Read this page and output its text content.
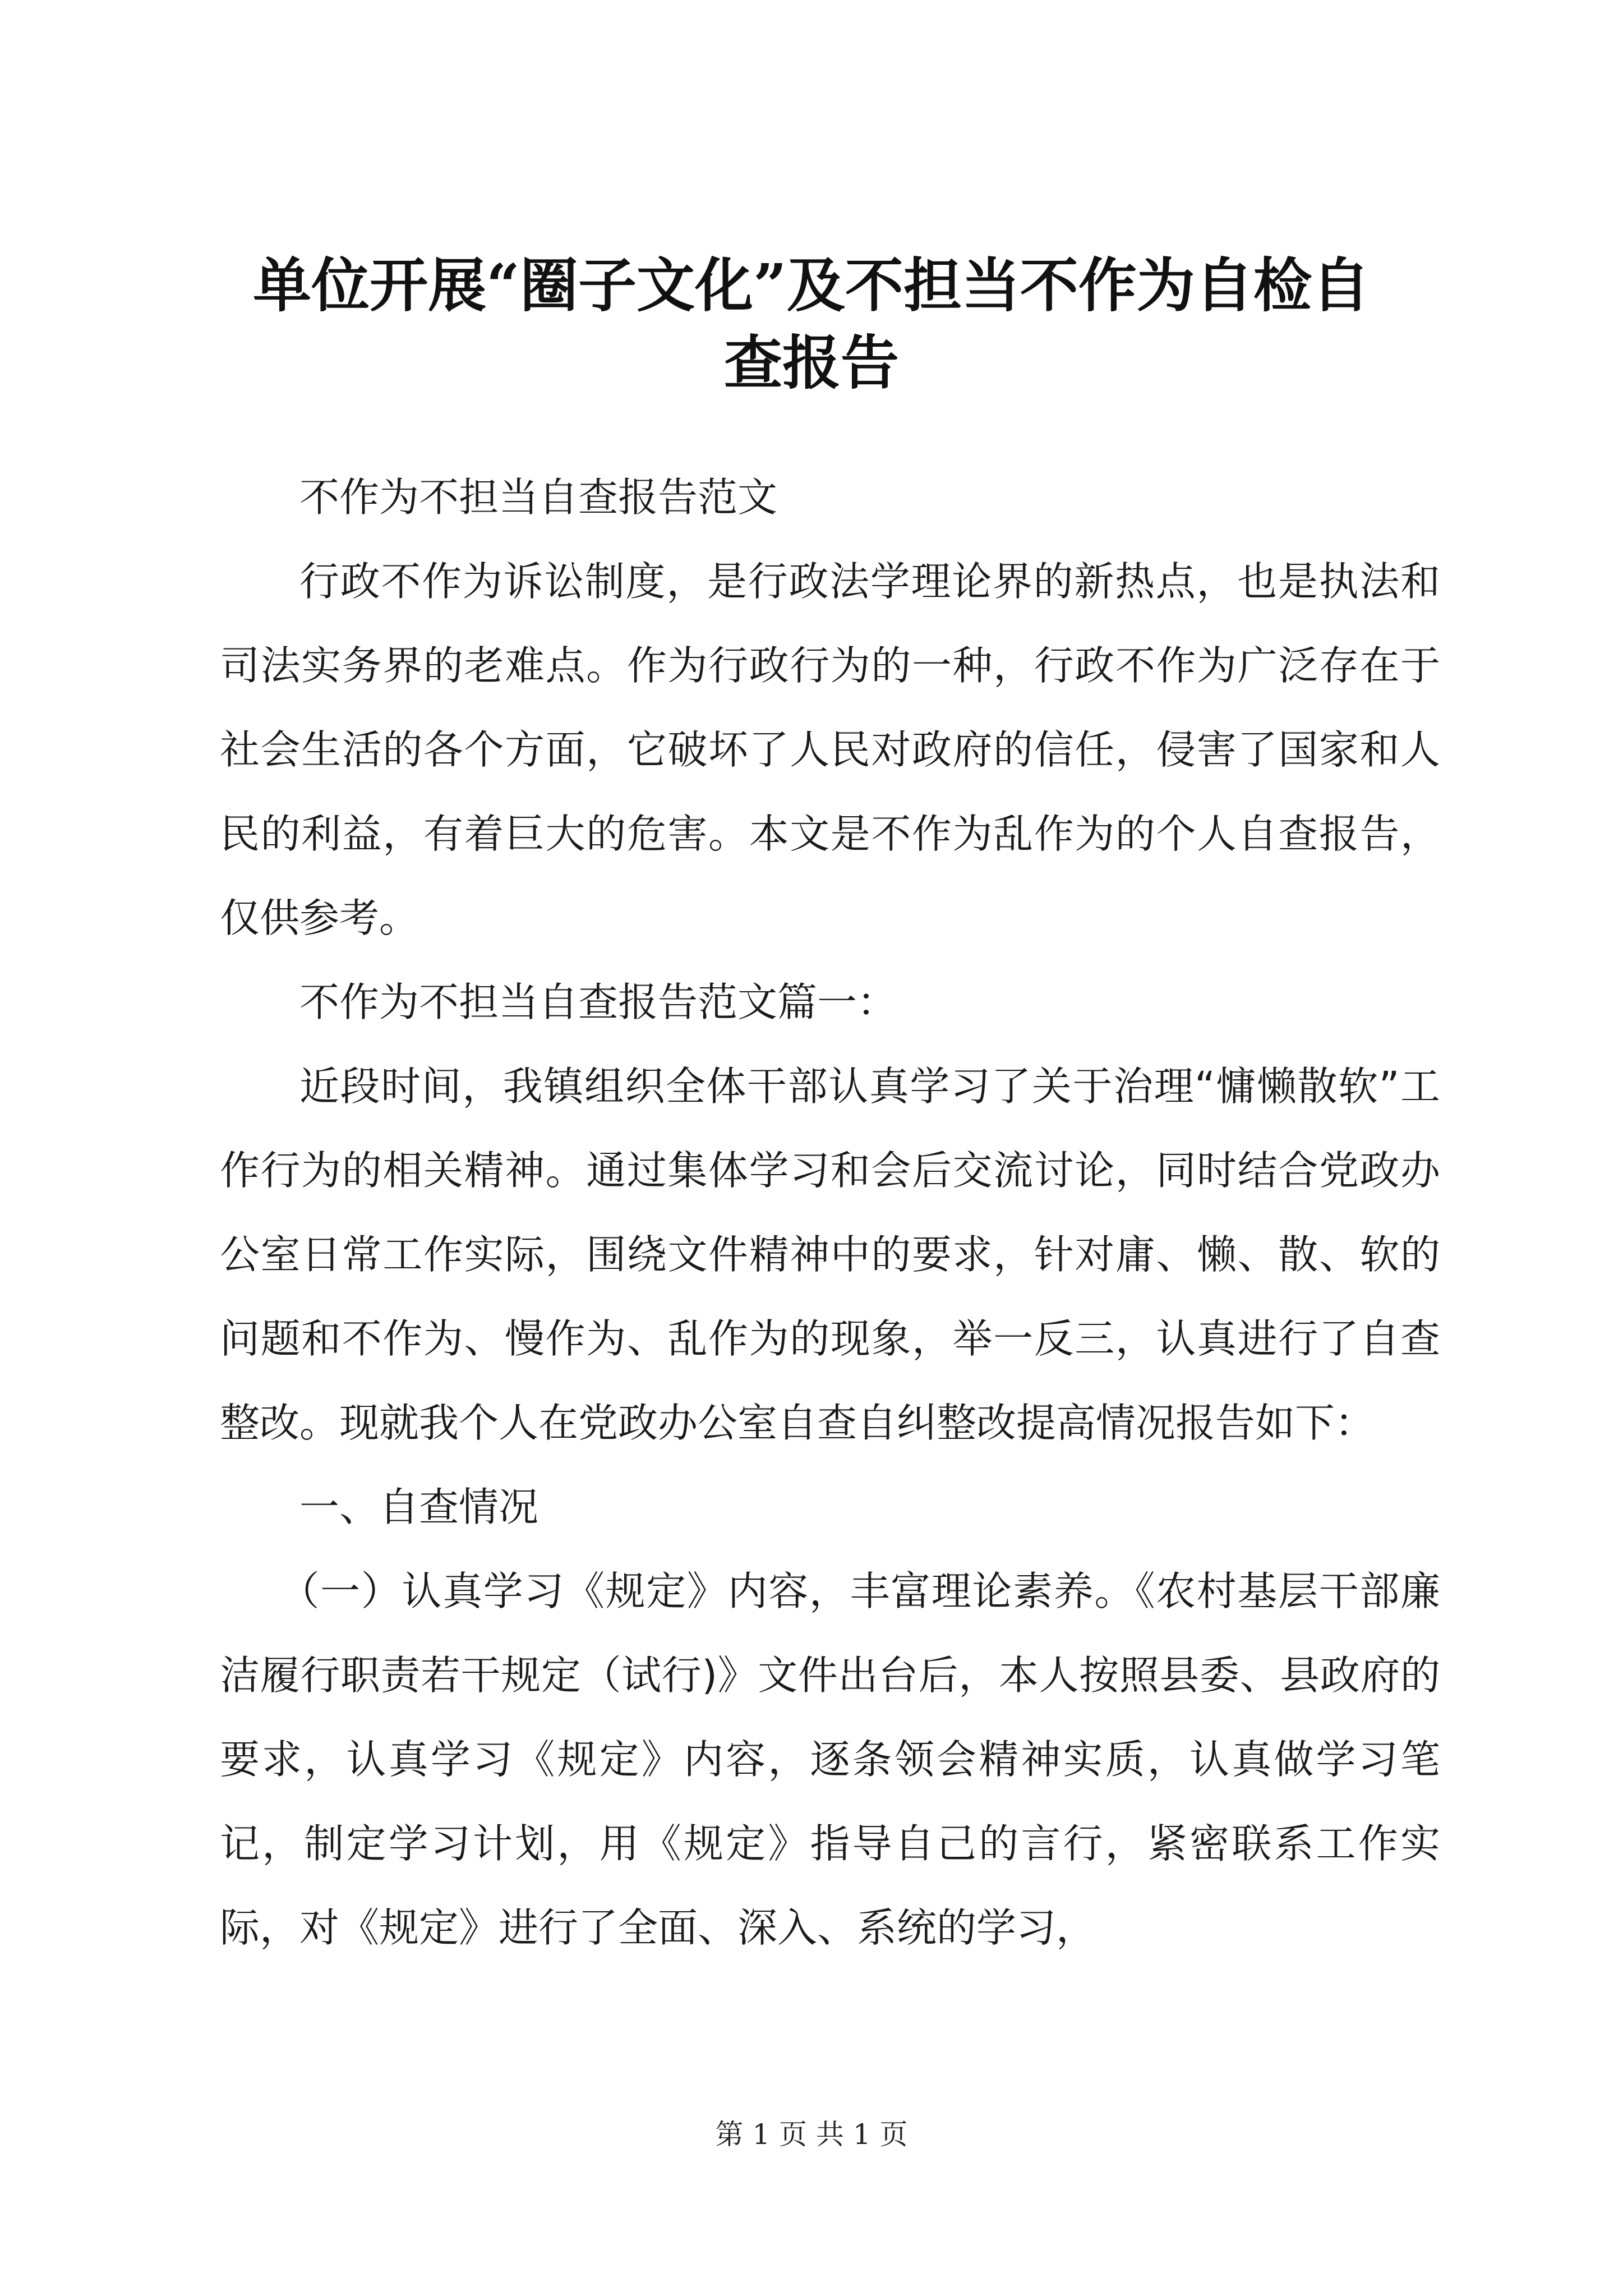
单位开展“圈子文化”及不担当不作为自检自
查报告

不作为不担当自查报告范文

行政不作为诉讼制度，是行政法学理论界的新热点，也是执法和司法实务界的老难点。作为行政行为的一种，行政不作为广泛存在于社会生活的各个方面，它破坏了人民对政府的信任，侵害了国家和人民的利益，有着巨大的危害。本文是不作为乱作为的个人自查报告，仅供参考。

不作为不担当自查报告范文篇一：

近段时间，我镇组织全体干部认真学习了关于治理“慵懒散软”工作行为的相关精神。通过集体学习和会后交流讨论，同时结合党政办公室日常工作实际，围绕文件精神中的要求，针对庸、懒、散、软的问题和不作为、慢作为、乱作为的现象，举一反三，认真进行了自查整改。现就我个人在党政办公室自查自纠整改提高情况报告如下：

一、自查情况

（一）认真学习《规定》内容，丰富理论素养。《农村基层干部廉洁履行职责若干规定（试行)》文件出台后，本人按照县委、县政府的要求，认真学习《规定》内容，逐条领会精神实质，认真做学习笔记，制定学习计划，用《规定》指导自己的言行，紧密联系工作实际，对《规定》进行了全面、深入、系统的学习，

第 1 页 共 1 页
